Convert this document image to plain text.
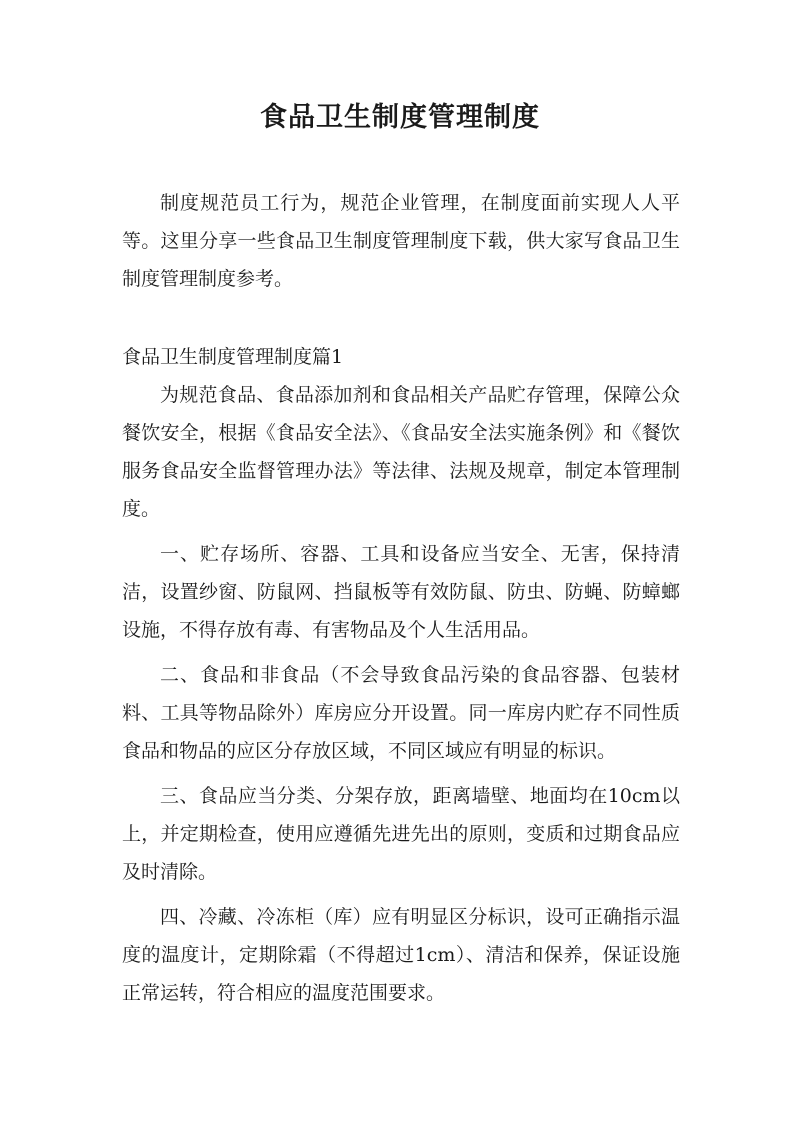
食品卫生制度管理制度

制度规范员工行为，规范企业管理，在制度面前实现人人平等。这里分享一些食品卫生制度管理制度下载，供大家写食品卫生制度管理制度参考。

食品卫生制度管理制度篇1

为规范食品、食品添加剂和食品相关产品贮存管理，保障公众餐饮安全，根据《食品安全法》、《食品安全法实施条例》和《餐饮服务食品安全监督管理办法》等法律、法规及规章，制定本管理制度。

一、贮存场所、容器、工具和设备应当安全、无害，保持清洁，设置纱窗、防鼠网、挡鼠板等有效防鼠、防虫、防蝇、防蟑螂设施，不得存放有毒、有害物品及个人生活用品。

二、食品和非食品（不会导致食品污染的食品容器、包装材料、工具等物品除外）库房应分开设置。同一库房内贮存不同性质食品和物品的应区分存放区域，不同区域应有明显的标识。

三、食品应当分类、分架存放，距离墙壁、地面均在10cm以上，并定期检查，使用应遵循先进先出的原则，变质和过期食品应及时清除。

四、冷藏、冷冻柜（库）应有明显区分标识，设可正确指示温度的温度计，定期除霜（不得超过1cm）、清洁和保养，保证设施正常运转，符合相应的温度范围要求。
